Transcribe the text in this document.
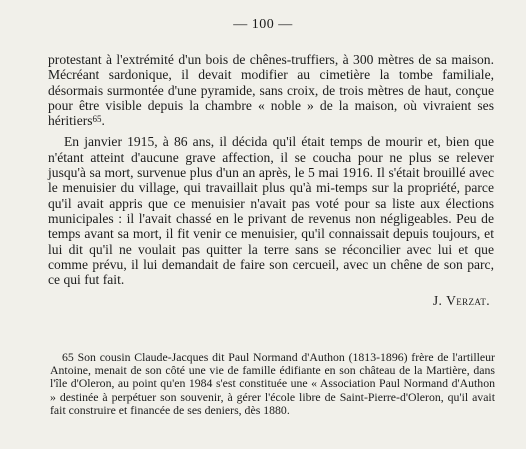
— 100 —

protestant à l'extrémité d'un bois de chênes-truffiers, à 300 mètres de sa maison. Mécréant sardonique, il devait modifier au cimetière la tombe familiale, désormais surmontée d'une pyramide, sans croix, de trois mètres de haut, conçue pour être visible depuis la chambre « noble » de la maison, où vivraient ses héritiers$^{65}$.

En janvier 1915, à 86 ans, il décida qu'il était temps de mourir et, bien que n'étant atteint d'aucune grave affection, il se coucha pour ne plus se relever jusqu'à sa mort, survenue plus d'un an après, le 5 mai 1916. Il s'était brouillé avec le menuisier du village, qui travaillait plus qu'à mi-temps sur la propriété, parce qu'il avait appris que ce menuisier n'avait pas voté pour sa liste aux élections municipales : il l'avait chassé en le privant de revenus non négligeables. Peu de temps avant sa mort, il fit venir ce menuisier, qu'il connaissait depuis toujours, et lui dit qu'il ne voulait pas quitter la terre sans se réconcilier avec lui et que comme prévu, il lui demandait de faire son cercueil, avec un chêne de son parc, ce qui fut fait.

J. Verzat.

65 Son cousin Claude-Jacques dit Paul Normand d'Authon (1813-1896) frère de l'artilleur Antoine, menait de son côté une vie de famille édifiante en son château de la Martière, dans l'île d'Oleron, au point qu'en 1984 s'est constituée une « Association Paul Normand d'Authon » destinée à perpétuer son souvenir, à gérer l'école libre de Saint-Pierre-d'Oleron, qu'il avait fait construire et financée de ses deniers, dès 1880.
